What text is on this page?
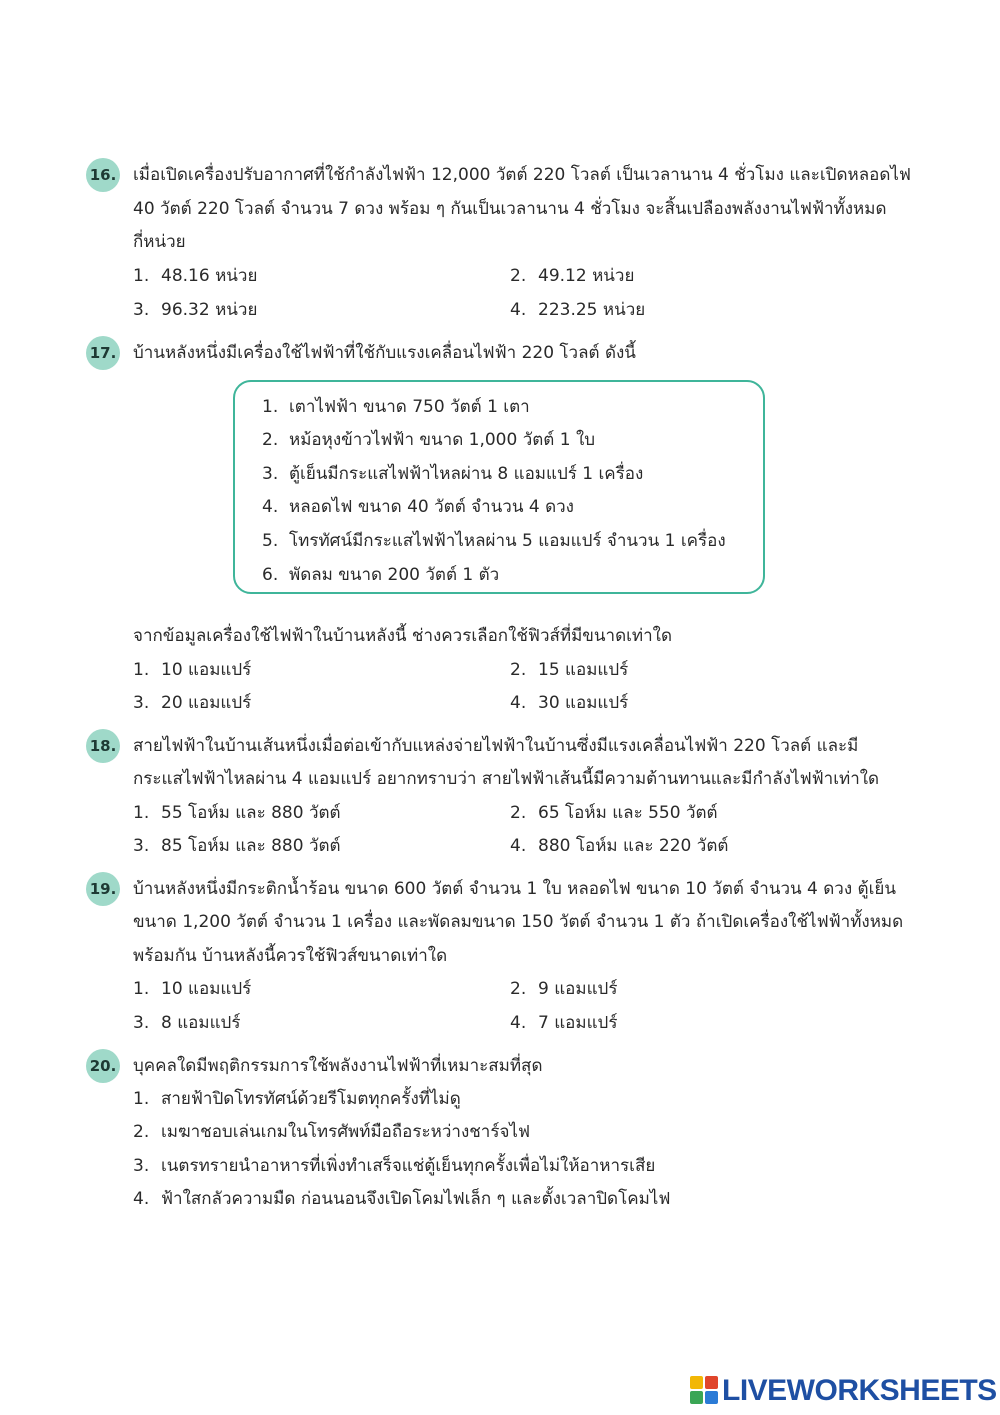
16. เมื่อเปิดเครื่องปรับอากาศที่ใช้กำลังไฟฟ้า 12,000 วัตต์ 220 โวลต์ เป็นเวลานาน 4 ชั่วโมง และเปิดหลอดไฟ
40 วัตต์ 220 โวลต์ จำนวน 7 ดวง พร้อม ๆ กันเป็นเวลานาน 4 ชั่วโมง จะสิ้นเปลืองพลังงานไฟฟ้าทั้งหมด
กี่หน่วย
1. 48.16 หน่วย	2. 49.12 หน่วย
3. 96.32 หน่วย	4. 223.25 หน่วย
17. บ้านหลังหนึ่งมีเครื่องใช้ไฟฟ้าที่ใช้กับแรงเคลื่อนไฟฟ้า 220 โวลต์ ดังนี้
1. เตาไฟฟ้า ขนาด 750 วัตต์ 1 เตา
2. หม้อหุงข้าวไฟฟ้า ขนาด 1,000 วัตต์ 1 ใบ
3. ตู้เย็นมีกระแสไฟฟ้าไหลผ่าน 8 แอมแปร์ 1 เครื่อง
4. หลอดไฟ ขนาด 40 วัตต์ จำนวน 4 ดวง
5. โทรทัศน์มีกระแสไฟฟ้าไหลผ่าน 5 แอมแปร์ จำนวน 1 เครื่อง
6. พัดลม ขนาด 200 วัตต์ 1 ตัว
จากข้อมูลเครื่องใช้ไฟฟ้าในบ้านหลังนี้ ช่างควรเลือกใช้ฟิวส์ที่มีขนาดเท่าใด
1. 10 แอมแปร์	2. 15 แอมแปร์
3. 20 แอมแปร์	4. 30 แอมแปร์
18. สายไฟฟ้าในบ้านเส้นหนึ่งเมื่อต่อเข้ากับแหล่งจ่ายไฟฟ้าในบ้านซึ่งมีแรงเคลื่อนไฟฟ้า 220 โวลต์ และมี
กระแสไฟฟ้าไหลผ่าน 4 แอมแปร์ อยากทราบว่า สายไฟฟ้าเส้นนี้มีความต้านทานและมีกำลังไฟฟ้าเท่าใด
1. 55 โอห์ม และ 880 วัตต์	2. 65 โอห์ม และ 550 วัตต์
3. 85 โอห์ม และ 880 วัตต์	4. 880 โอห์ม และ 220 วัตต์
19. บ้านหลังหนึ่งมีกระติกน้ำร้อน ขนาด 600 วัตต์ จำนวน 1 ใบ หลอดไฟ ขนาด 10 วัตต์ จำนวน 4 ดวง ตู้เย็น
ขนาด 1,200 วัตต์ จำนวน 1 เครื่อง และพัดลมขนาด 150 วัตต์ จำนวน 1 ตัว ถ้าเปิดเครื่องใช้ไฟฟ้าทั้งหมด
พร้อมกัน บ้านหลังนี้ควรใช้ฟิวส์ขนาดเท่าใด
1. 10 แอมแปร์	2. 9 แอมแปร์
3. 8 แอมแปร์	4. 7 แอมแปร์
20. บุคคลใดมีพฤติกรรมการใช้พลังงานไฟฟ้าที่เหมาะสมที่สุด
1. สายฟ้าปิดโทรทัศน์ด้วยรีโมตทุกครั้งที่ไม่ดู
2. เมฆาชอบเล่นเกมในโทรศัพท์มือถือระหว่างชาร์จไฟ
3. เนตรทรายนำอาหารที่เพิ่งทำเสร็จแช่ตู้เย็นทุกครั้งเพื่อไม่ให้อาหารเสีย
4. ฟ้าใสกลัวความมืด ก่อนนอนจึงเปิดโคมไฟเล็ก ๆ และตั้งเวลาปิดโคมไฟ
LIVEWORKSHEETS
